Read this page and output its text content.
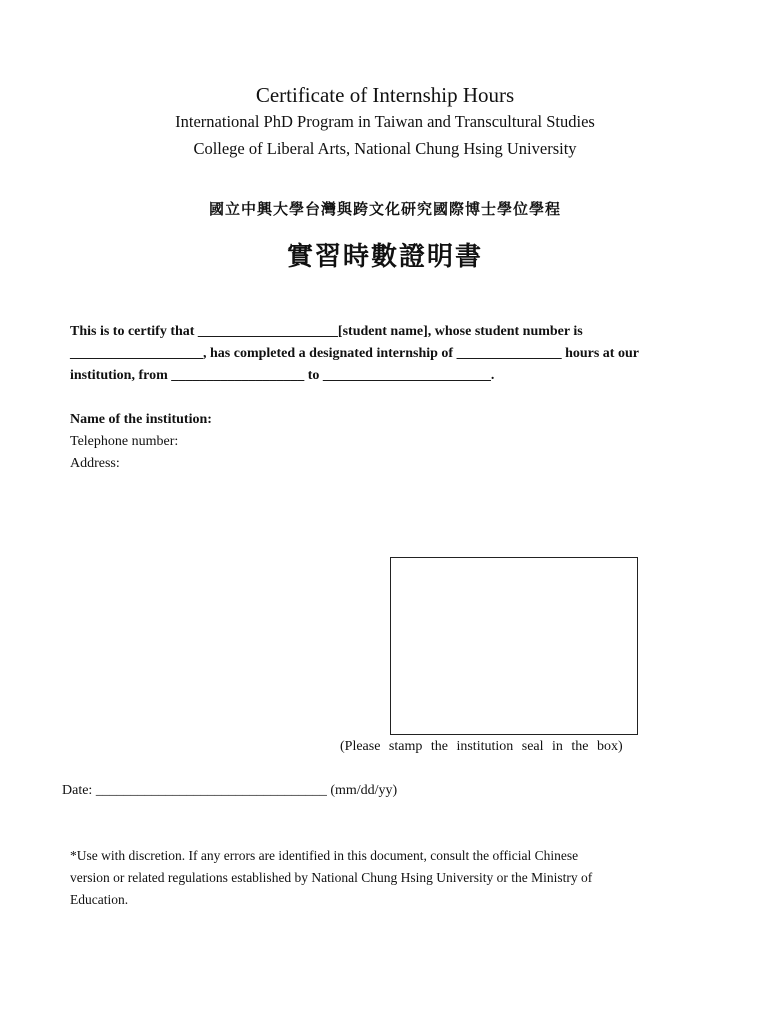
Certificate of Internship Hours
International PhD Program in Taiwan and Transcultural Studies
College of Liberal Arts, National Chung Hsing University
國立中興大學台灣與跨文化研究國際博士學位學程
實習時數證明書
This is to certify that ____________________[student name], whose student number is
___________________, has completed a designated internship of _______________ hours at our
institution, from ___________________ to ________________________.
Name of the institution:
Telephone number:
Address:
(Please stamp the institution seal in the box)
Date: _________________________________ (mm/dd/yy)
*Use with discretion. If any errors are identified in this document, consult the official Chinese
version or related regulations established by National Chung Hsing University or the Ministry of
Education.
